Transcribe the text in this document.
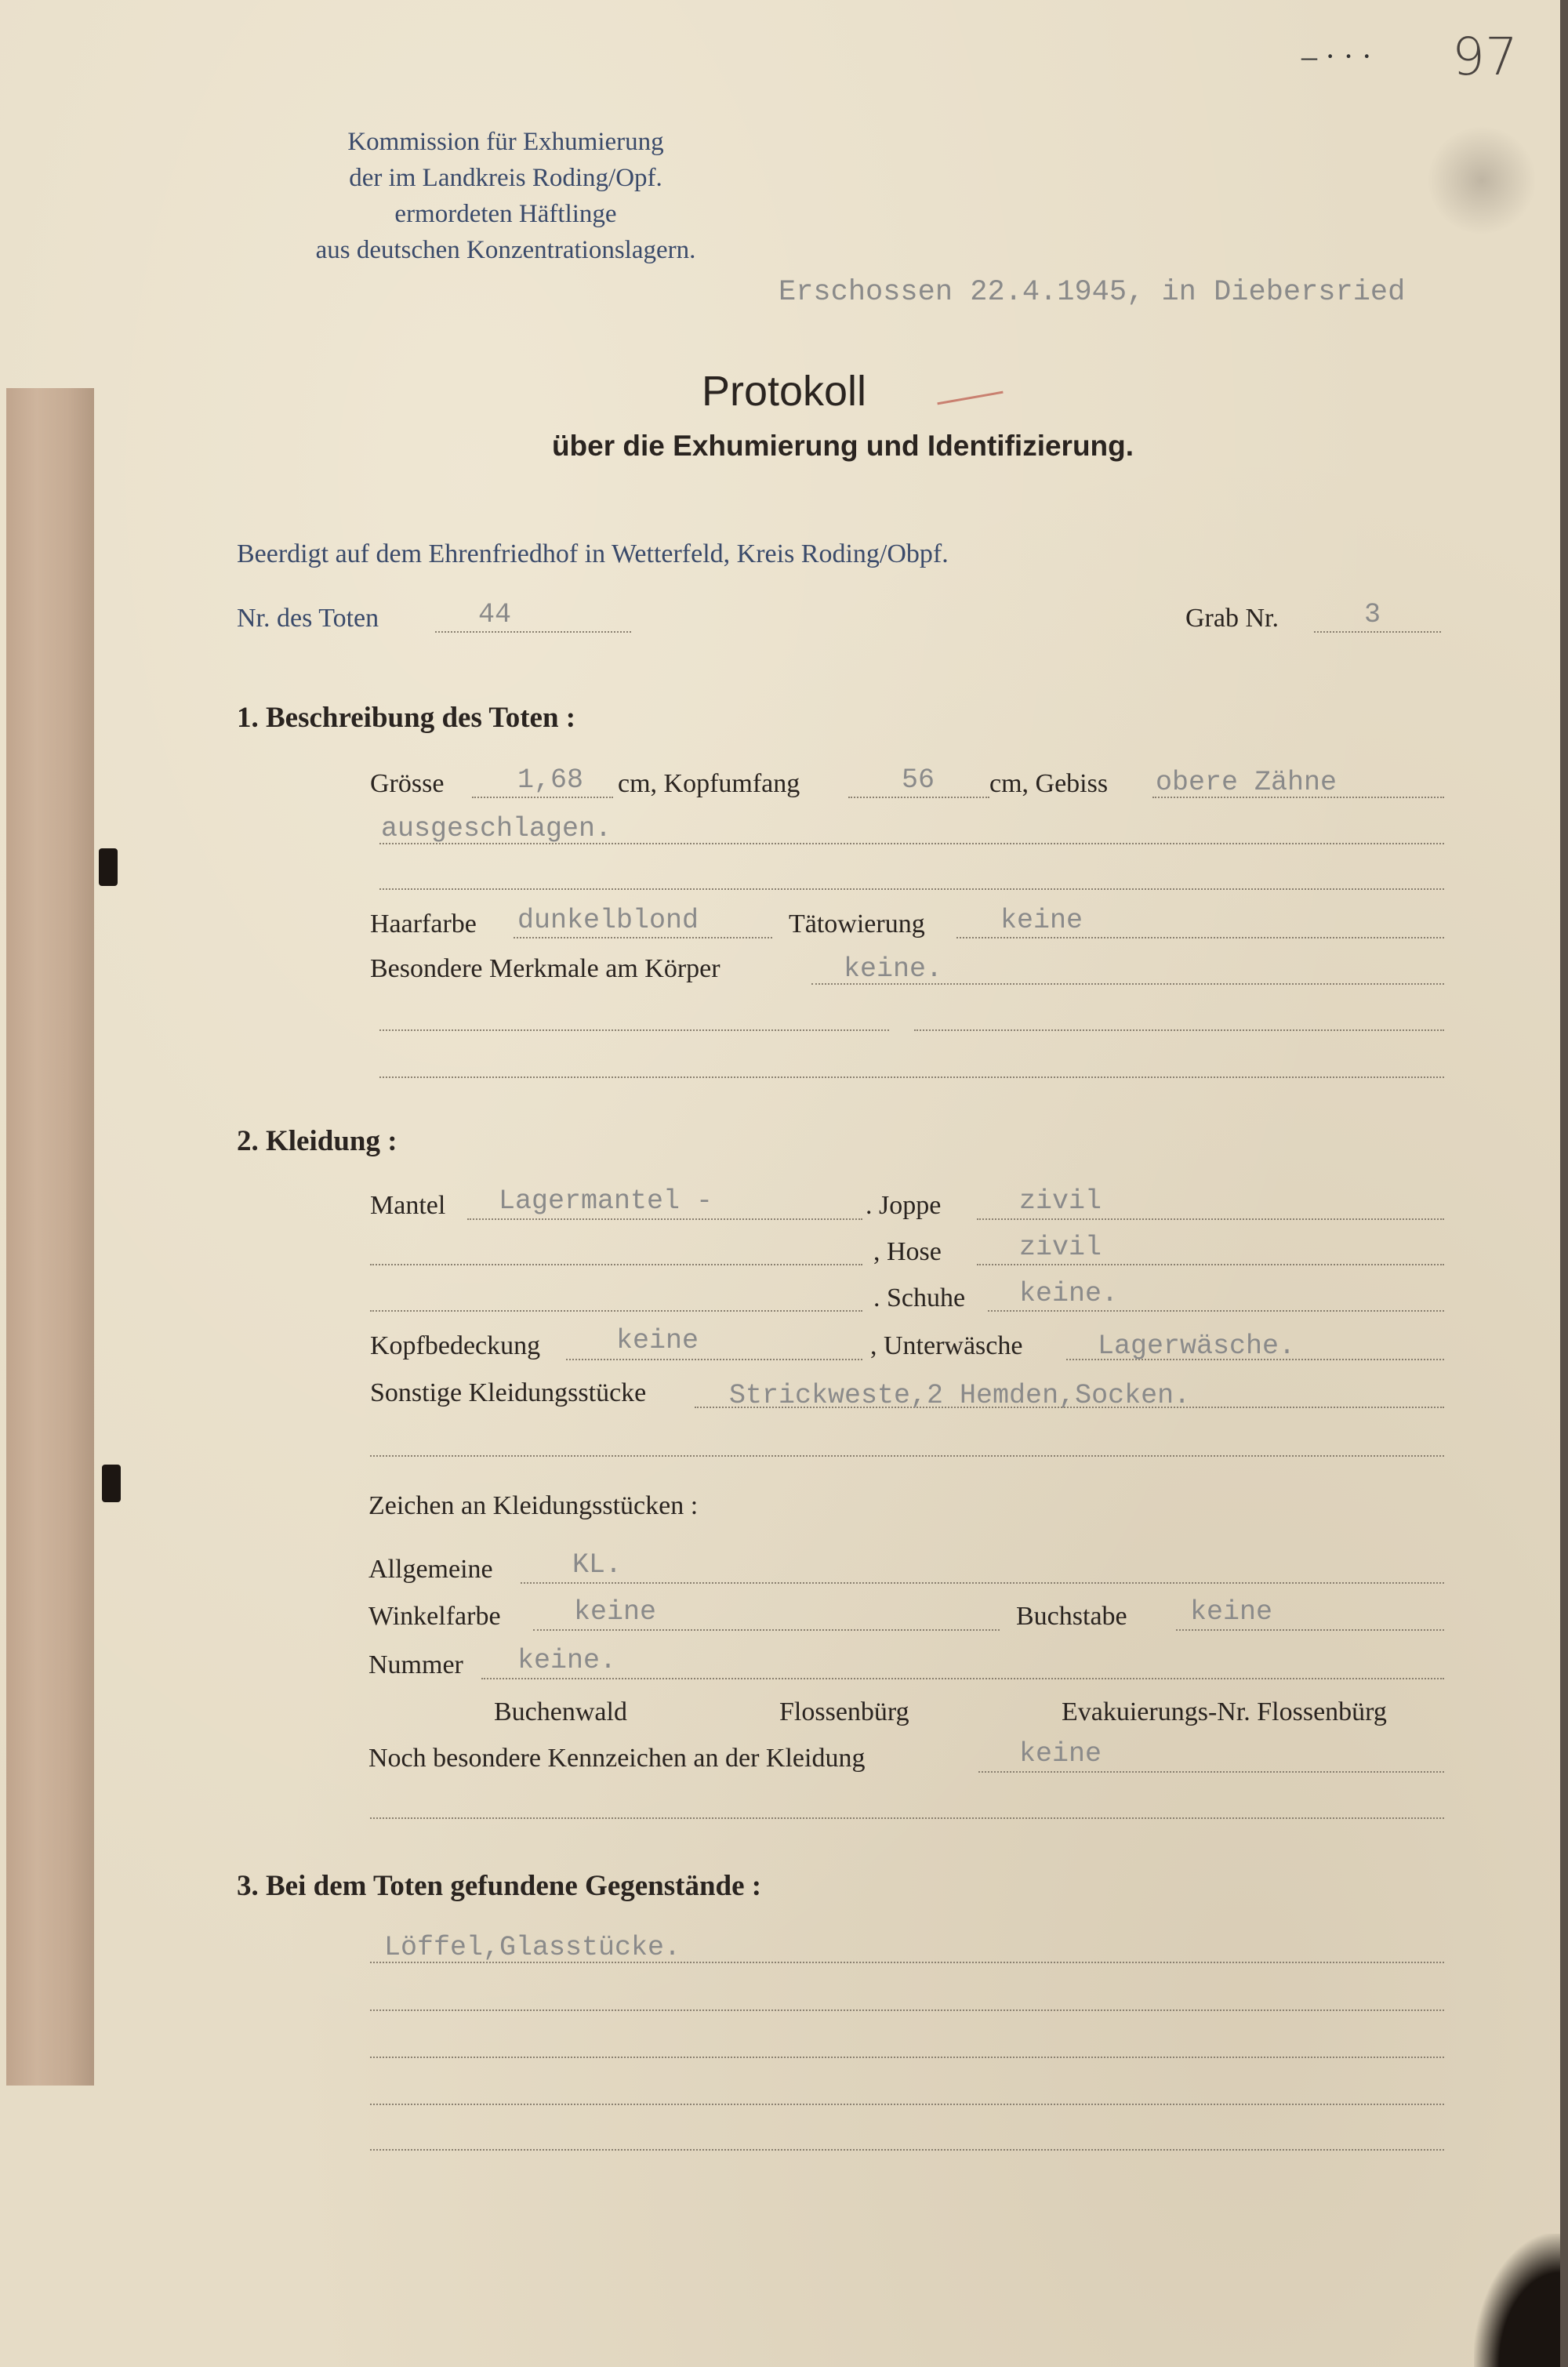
– · · · 97
Kommission für Exhumierung
der im Landkreis Roding/Opf.
ermordeten Häftlinge
aus deutschen Konzentrationslagern.
Erschossen 22.4.1945, in Diebersried
Protokoll
über die Exhumierung und Identifizierung.
Beerdigt auf dem Ehrenfriedhof in Wetterfeld, Kreis Roding/Obpf.
Nr. des Toten	44	Grab Nr.	3
1. Beschreibung des Toten :
Grösse	1,68 cm, Kopfumfang	56 cm, Gebiss obere Zähne
ausgeschlagen.
Haarfarbe dunkelblond	Tätowierung	keine
Besondere Merkmale am Körper	keine.
2. Kleidung :
Mantel Lagermantel -	. Joppe	zivil
, Hose	zivil
. Schuhe keine.
Kopfbedeckung	keine	, Unterwäsche	Lagerwäsche.
Sonstige Kleidungsstücke	Strickweste,2 Hemden,Socken.
Zeichen an Kleidungsstücken :
Allgemeine	KL.
Winkelfarbe	keine	Buchstabe keine
Nummer keine.
Buchenwald	Flossenbürg	Evakuierungs-Nr. Flossenbürg
Noch besondere Kennzeichen an der Kleidung	keine
3. Bei dem Toten gefundene Gegenstände :
Löffel,Glasstücke.
